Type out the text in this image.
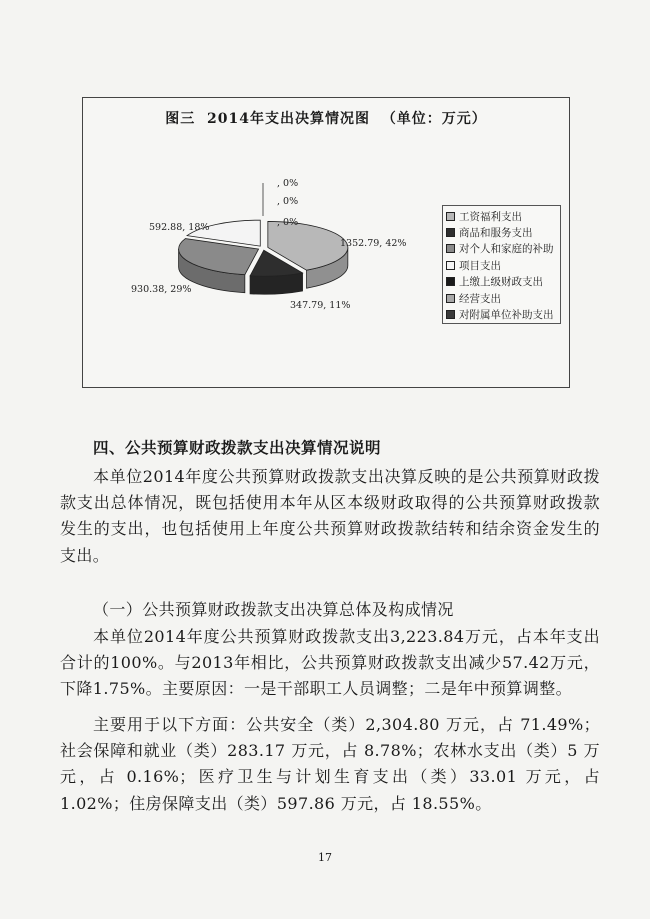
图三  2014年支出决算情况图  （单位：万元）
1352.79, 42%
347.79, 11%
930.38, 29%
592.88, 18%
, 0%
, 0%
, 0%	工资福利支出
商品和服务支出
对个人和家庭的补助
项目支出
上缴上级财政支出
经营支出
对附属单位补助支出
四、公共预算财政拨款支出决算情况说明
本单位2014年度公共预算财政拨款支出决算反映的是公共预算财政拨款支出总体情况，既包括使用本年从区本级财政取得的公共预算财政拨款发生的支出，也包括使用上年度公共预算财政拨款结转和结余资金发生的支出。
（一）公共预算财政拨款支出决算总体及构成情况
本单位2014年度公共预算财政拨款支出3,223.84万元，占本年支出合计的100%。与2013年相比，公共预算财政拨款支出减少57.42万元，下降1.75%。主要原因：一是干部职工人员调整；二是年中预算调整。
主要用于以下方面：公共安全（类）2,304.80 万元，占 71.49%；社会保障和就业（类）283.17 万元，占 8.78%；农林水支出（类）5 万元，占 0.16%；医疗卫生与计划生育支出（类）33.01 万元，占 1.02%；住房保障支出（类）597.86 万元，占 18.55%。
17
